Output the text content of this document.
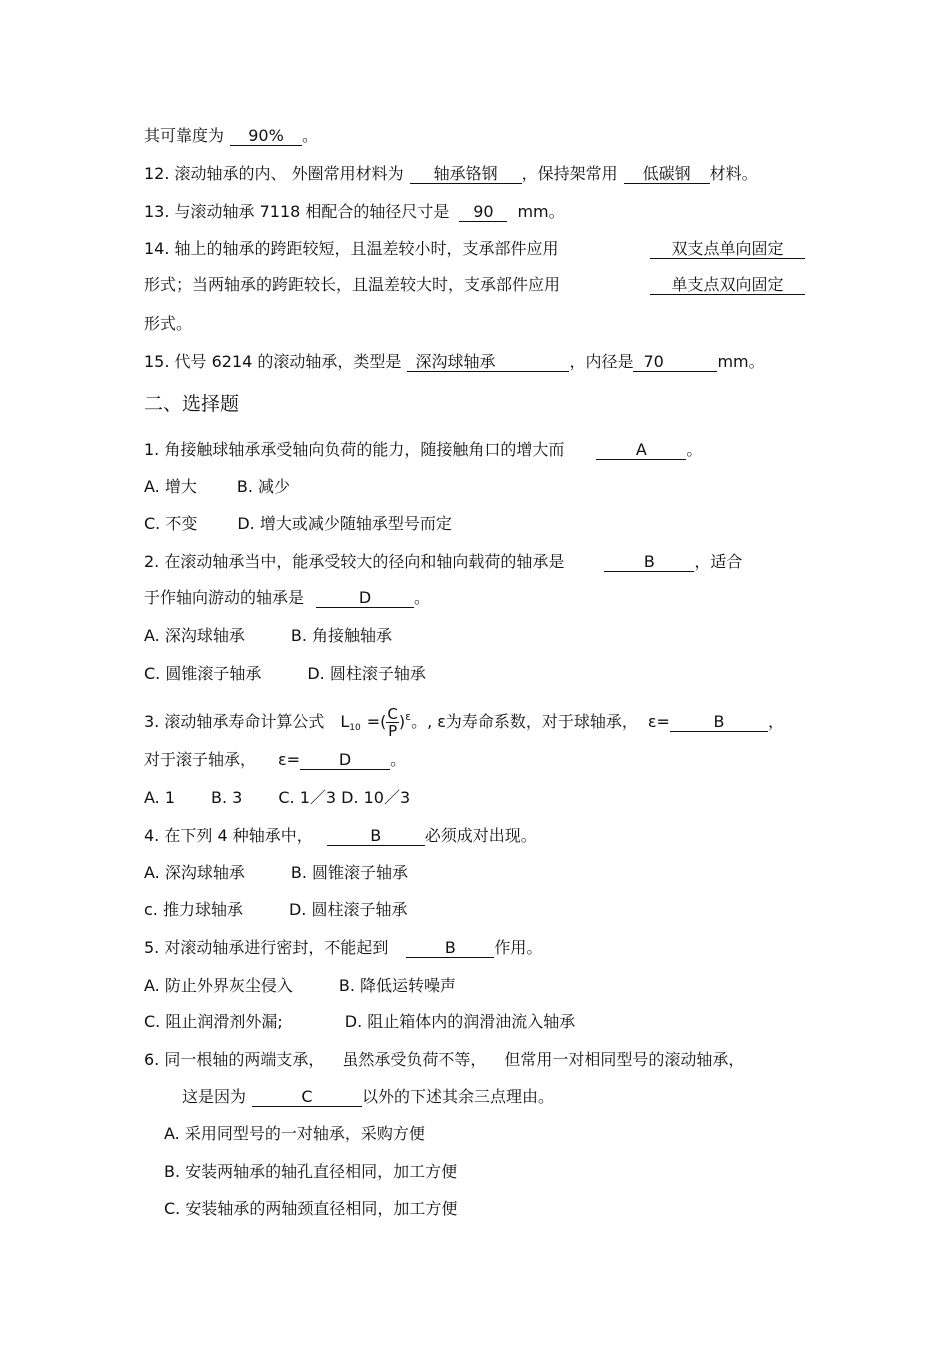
其可靠度为 90% 。
12. 滚动轴承的内、 外圈常用材料为 轴承铬钢 ，保持架常用 低碳钢 材料。
13. 与滚动轴承 7118 相配合的轴径尺寸是 90 mm。
14. 轴上的轴承的跨距较短，且温差较小时，支承部件应用	双支点单向固定
形式；当两轴承的跨距较长，且温差较大时，支承部件应用	单支点双向固定
形式。
15. 代号 6214 的滚动轴承，类型是 深沟球轴承	，内径是 70	mm。
二、选择题
1. 角接触球轴承承受轴向负荷的能力，随接触角口的增大而	A 。
A. 增大	B. 减少
C. 不变	D. 增大或减少随轴承型号而定
2. 在滚动轴承当中，能承受较大的径向和轴向载荷的轴承是	B ，适合
于作轴向游动的轴承是	D	。
A. 深沟球轴承	B. 角接触轴承
C. 圆锥滚子轴承	D. 圆柱滚子轴承
3. 滚动轴承寿命计算公式 $L_{10}$ =( $\frac{C}{P} )^\varepsilon$。, ε为寿命系数，对于球轴承， ε=	B	，
对于滚子轴承， ε= D 。
A. 1 B. 3 C. 1／3 D. 10／3
4. 在下列 4 种轴承中，	B	必须成对出现。
A. 深沟球轴承	B. 圆锥滚子轴承
c. 推力球轴承	D. 圆柱滚子轴承
5. 对滚动轴承进行密封，不能起到	B 作用。
A. 防止外界灰尘侵入	B. 降低运转噪声
C. 阻止润滑剂外漏;	D. 阻止箱体内的润滑油流入轴承
6. 同一根轴的两端支承， 虽然承受负荷不等， 但常用一对相同型号的滚动轴承，
这是因为	C	以外的下述其余三点理由。
A. 采用同型号的一对轴承，采购方便
B. 安装两轴承的轴孔直径相同，加工方便
C. 安装轴承的两轴颈直径相同，加工方便
